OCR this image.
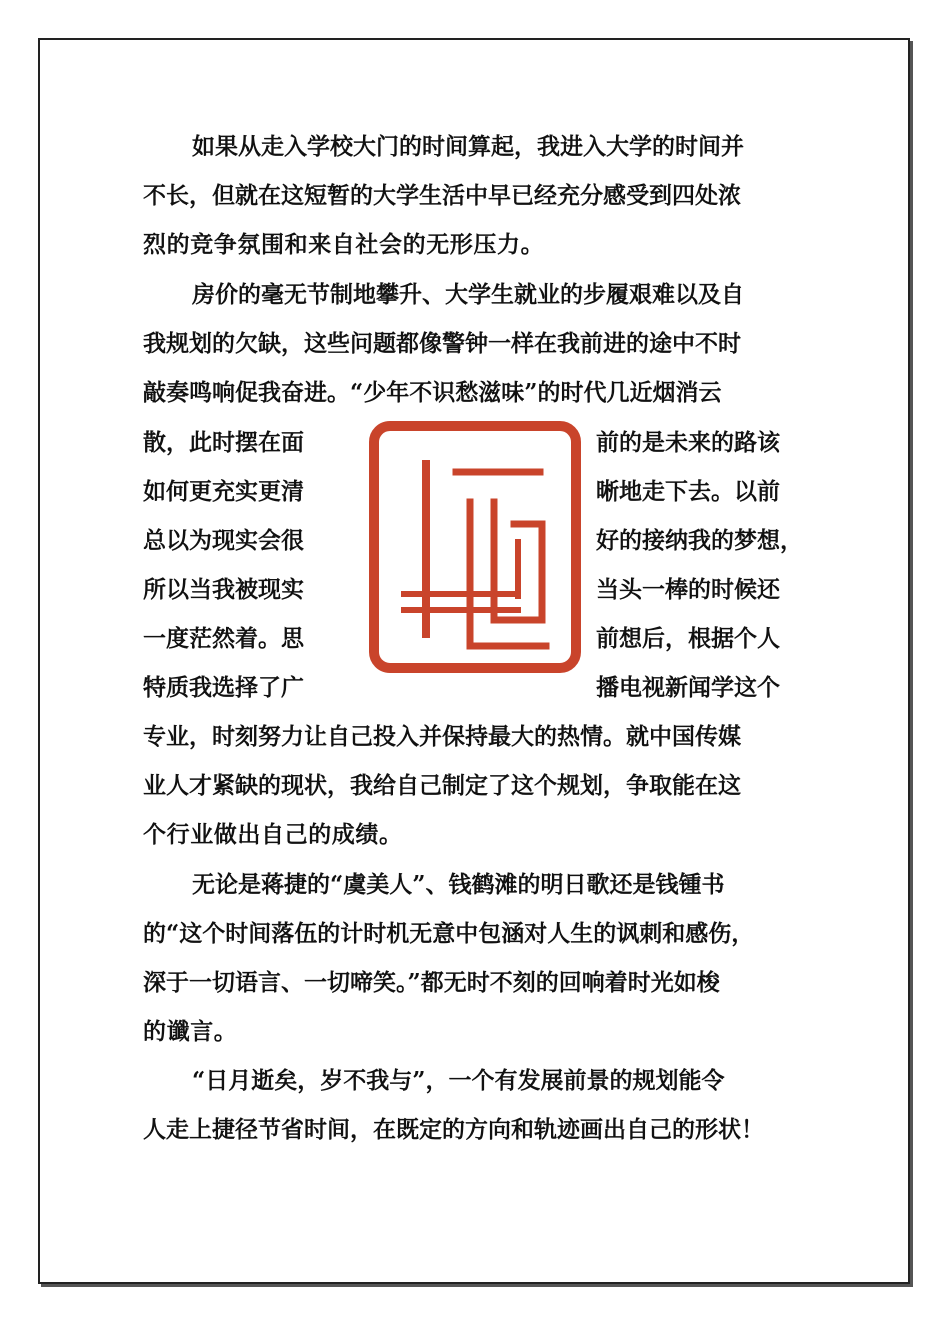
如果从走入学校大门的时间算起，我进入大学的时间并
不长，但就在这短暂的大学生活中早已经充分感受到四处浓
烈的竞争氛围和来自社会的无形压力。
房价的毫无节制地攀升、大学生就业的步履艰难以及自
我规划的欠缺，这些问题都像警钟一样在我前进的途中不时
敲奏鸣响促我奋进。“少年不识愁滋味”的时代几近烟消云
散，此时摆在面	前的是未来的路该
如何更充实更清	晰地走下去。以前
总以为现实会很	好的接纳我的梦想，
所以当我被现实	当头一棒的时候还
一度茫然着。思	前想后，根据个人
特质我选择了广	播电视新闻学这个
专业，时刻努力让自己投入并保持最大的热情。就中国传媒
业人才紧缺的现状，我给自己制定了这个规划，争取能在这
个行业做出自己的成绩。
无论是蒋捷的“虞美人”、钱鹤滩的明日歌还是钱锺书
的“这个时间落伍的计时机无意中包涵对人生的讽刺和感伤，
深于一切语言、一切啼笑。”都无时不刻的回响着时光如梭
的谶言。
“日月逝矣，岁不我与”，一个有发展前景的规划能令
人走上捷径节省时间，在既定的方向和轨迹画出自己的形状！
